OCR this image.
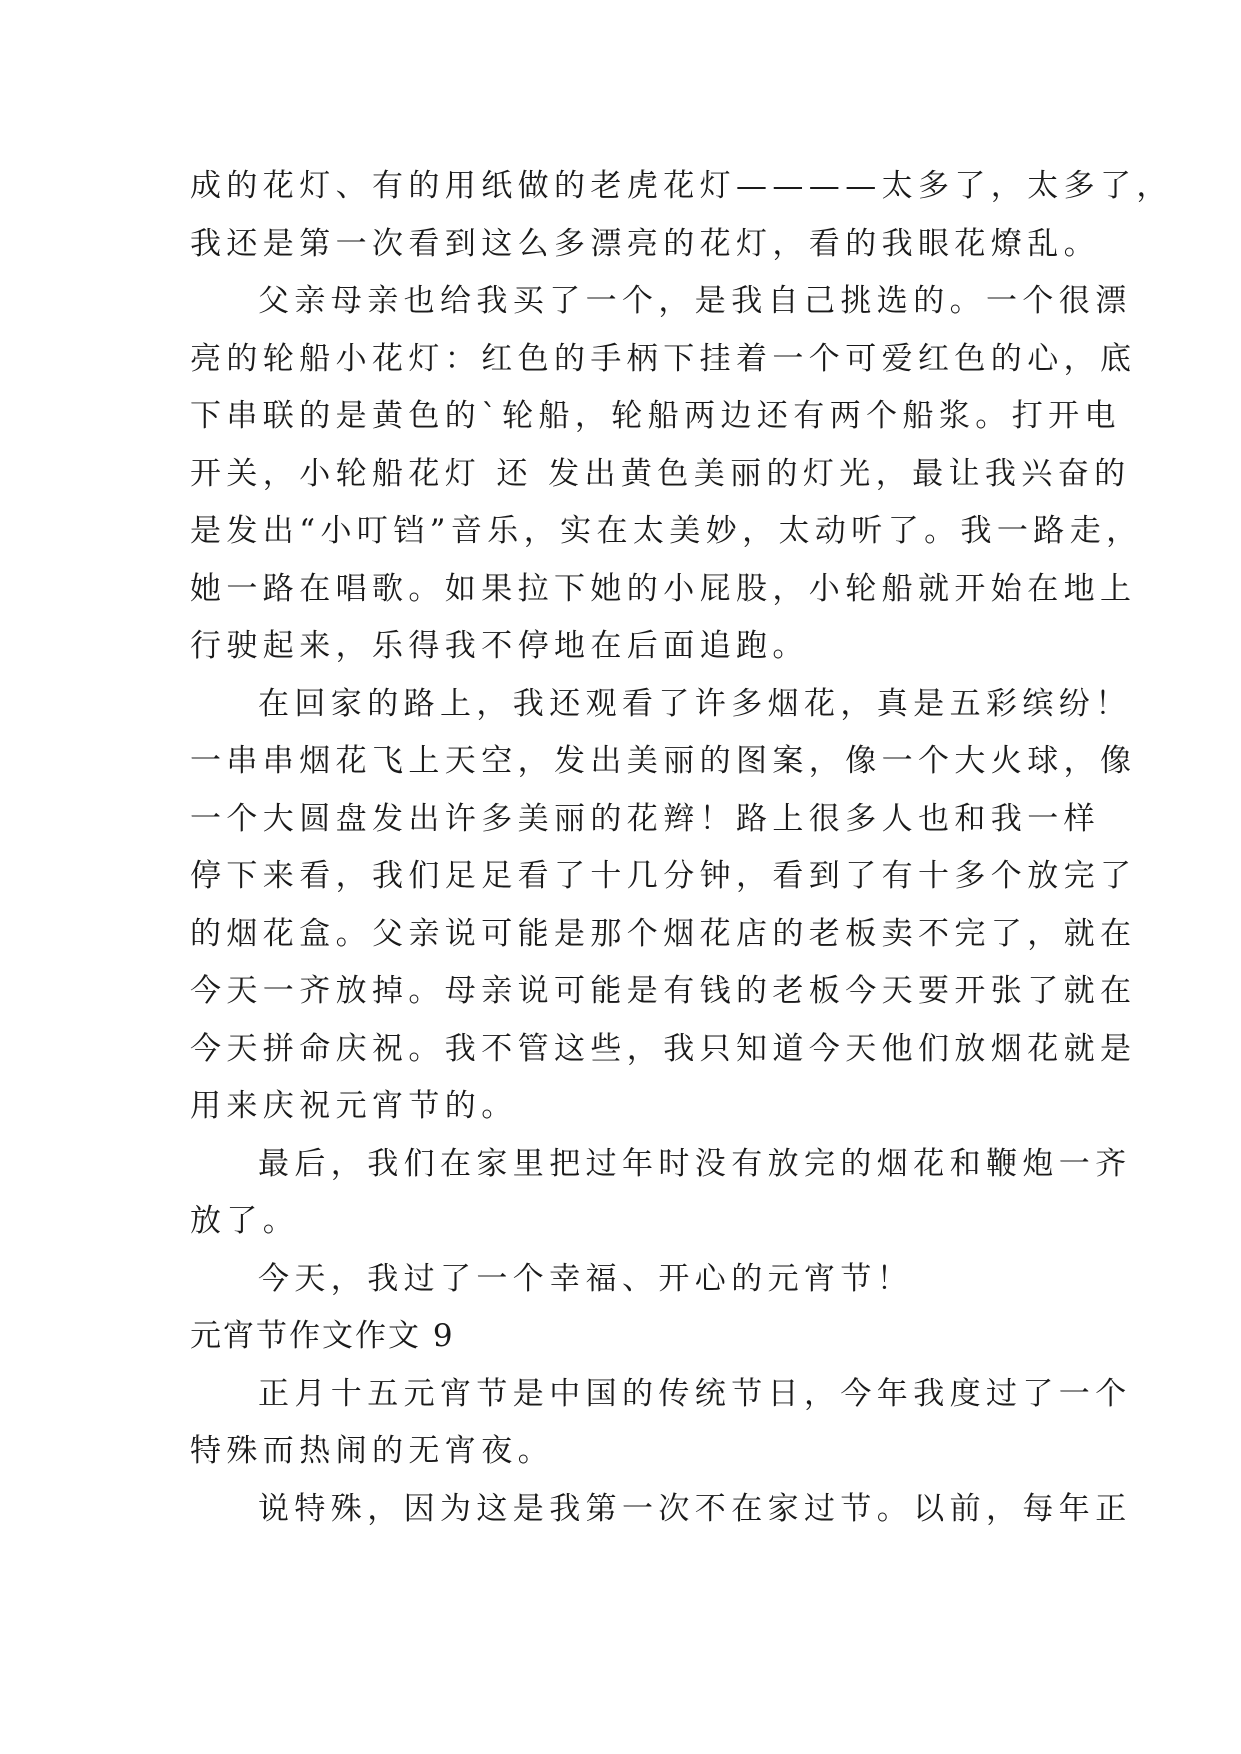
成的花灯、有的用纸做的老虎花灯————太多了，太多了，
我还是第一次看到这么多漂亮的花灯，看的我眼花燎乱。
父亲母亲也给我买了一个，是我自己挑选的。一个很漂
亮的轮船小花灯：红色的手柄下挂着一个可爱红色的心，底
下串联的是黄色的`轮船，轮船两边还有两个船浆。打开电
开关，小轮船花灯 还 发出黄色美丽的灯光，最让我兴奋的
是发出“小叮铛”音乐，实在太美妙，太动听了。我一路走，
她一路在唱歌。如果拉下她的小屁股，小轮船就开始在地上
行驶起来，乐得我不停地在后面追跑。
在回家的路上，我还观看了许多烟花，真是五彩缤纷！
一串串烟花飞上天空，发出美丽的图案，像一个大火球，像
一个大圆盘发出许多美丽的花辫！路上很多人也和我一样
停下来看，我们足足看了十几分钟，看到了有十多个放完了
的烟花盒。父亲说可能是那个烟花店的老板卖不完了，就在
今天一齐放掉。母亲说可能是有钱的老板今天要开张了就在
今天拼命庆祝。我不管这些，我只知道今天他们放烟花就是
用来庆祝元宵节的。
最后，我们在家里把过年时没有放完的烟花和鞭炮一齐
放了。
今天，我过了一个幸福、开心的元宵节！
元宵节作文作文 9
正月十五元宵节是中国的传统节日，今年我度过了一个
特殊而热闹的无宵夜。
说特殊，因为这是我第一次不在家过节。以前，每年正
